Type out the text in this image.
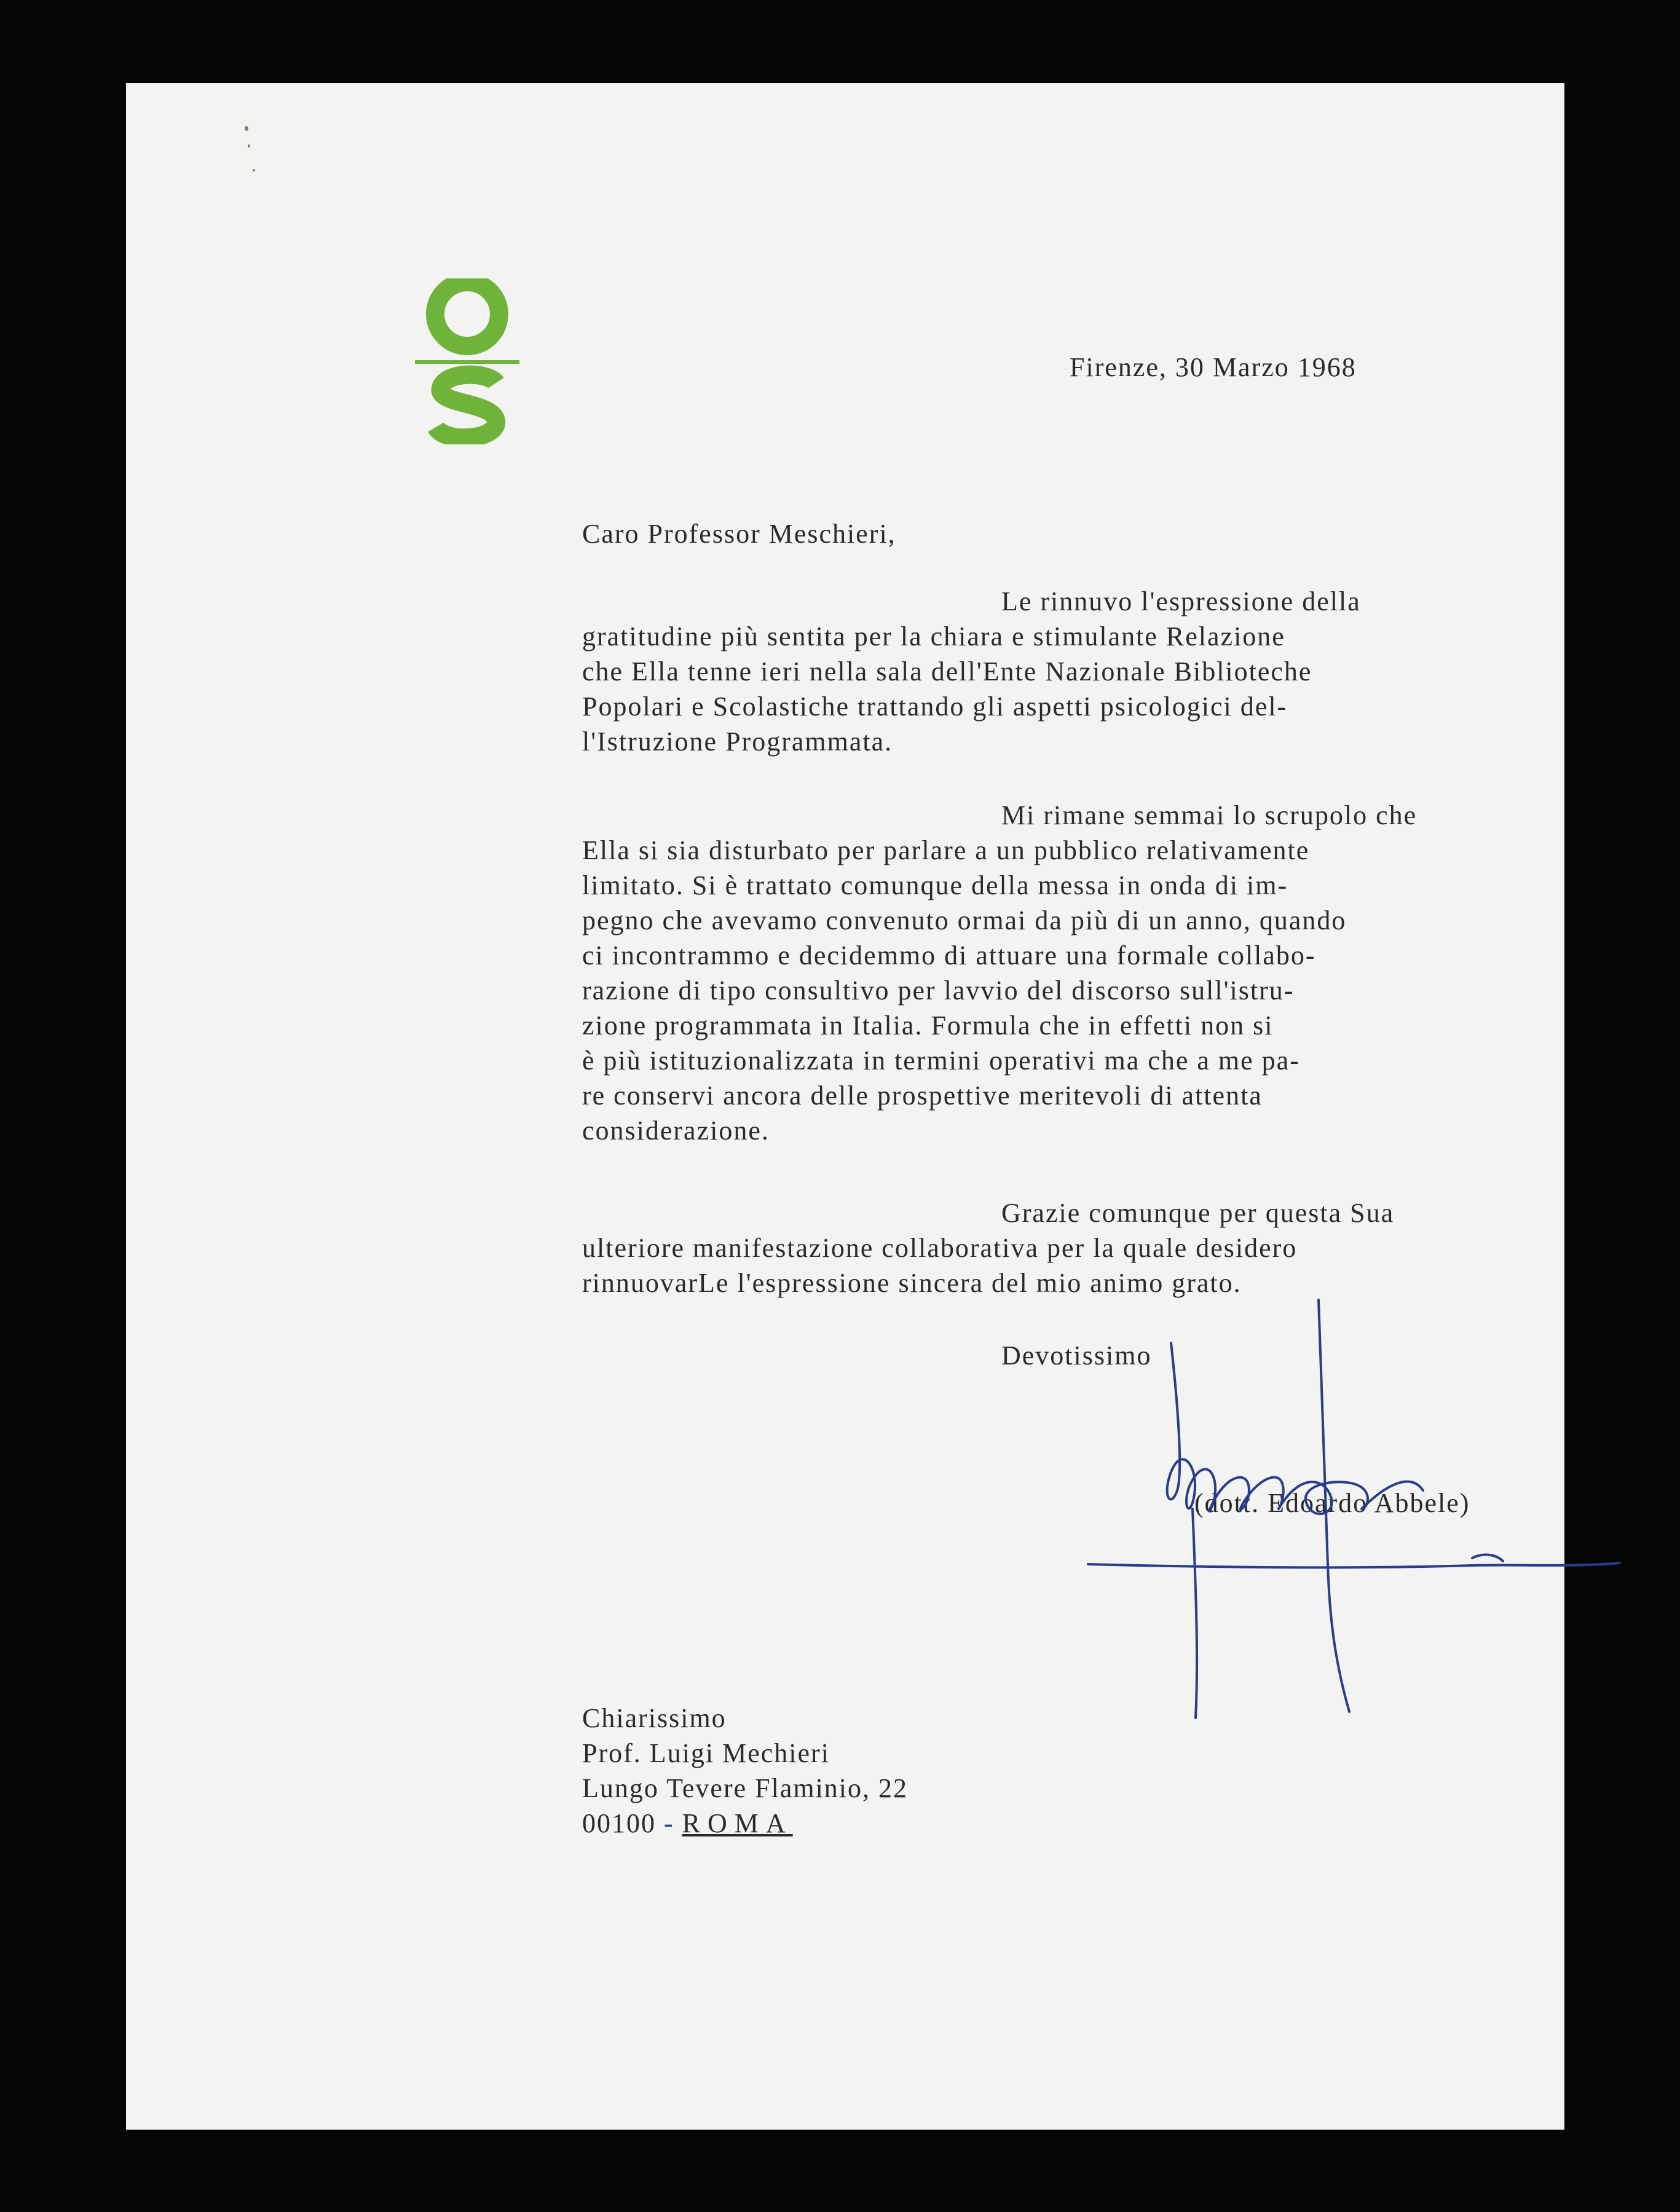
Firenze, 30 Marzo 1968
Caro Professor Meschieri,
Le rinnuvo l'espressione della
gratitudine più sentita per la chiara e stimulante Relazione
che Ella tenne ieri nella sala dell'Ente Nazionale Biblioteche
Popolari e Scolastiche trattando gli aspetti psicologici del-
l'Istruzione Programmata.
Mi rimane semmai lo scrupolo che
Ella si sia disturbato per parlare a un pubblico relativamente
limitato. Si è trattato comunque della messa in onda di im-
pegno che avevamo convenuto ormai da più di un anno, quando
ci incontrammo e decidemmo di attuare una formale collabo-
razione di tipo consultivo per lavvio del discorso sull'istru-
zione programmata in Italia. Formula che in effetti non si
è più istituzionalizzata in termini operativi ma che a me pa-
re conservi ancora delle prospettive meritevoli di attenta
considerazione.
Grazie comunque per questa Sua
ulteriore manifestazione collaborativa per la quale desidero
rinnuovarLe l'espressione sincera del mio animo grato.
Devotissimo
(dott. Edoardo Abbele)
Chiarissimo
Prof. Luigi Mechieri
Lungo Tevere Flaminio, 22
00100 - ROMA
